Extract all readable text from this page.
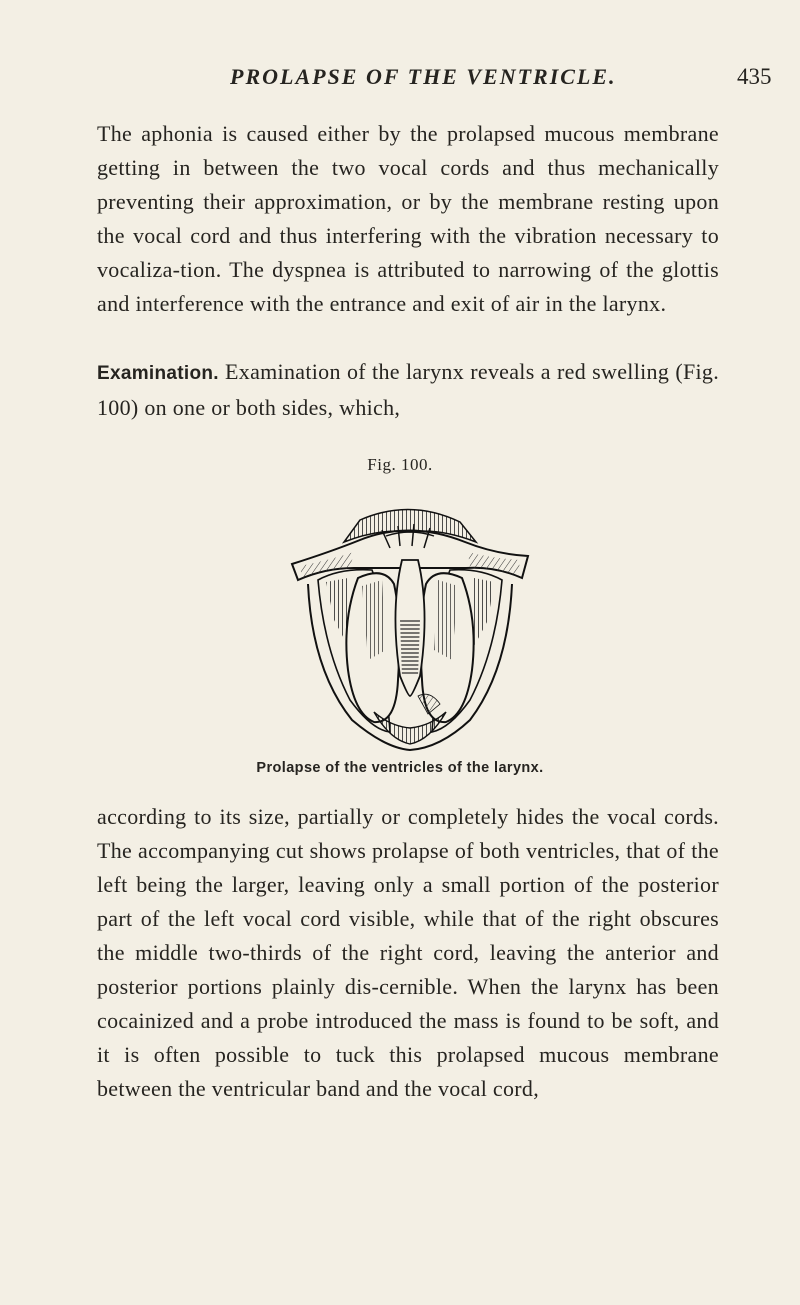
PROLAPSE OF THE VENTRICLE.	435

The aphonia is caused either by the prolapsed mucous membrane getting in between the two vocal cords and thus mechanically preventing their approximation, or by the membrane resting upon the vocal cord and thus interfering with the vibration necessary to vocaliza-tion. The dyspnea is attributed to narrowing of the glottis and interference with the entrance and exit of air in the larynx.

Examination. Examination of the larynx reveals a red swelling (Fig. 100) on one or both sides, which,

Fig. 100.
Prolapse of the ventricles of the larynx.

according to its size, partially or completely hides the vocal cords. The accompanying cut shows prolapse of both ventricles, that of the left being the larger, leaving only a small portion of the posterior part of the left vocal cord visible, while that of the right obscures the middle two-thirds of the right cord, leaving the anterior and posterior portions plainly dis-cernible. When the larynx has been cocainized and a probe introduced the mass is found to be soft, and it is often possible to tuck this prolapsed mucous membrane between the ventricular band and the vocal cord,
